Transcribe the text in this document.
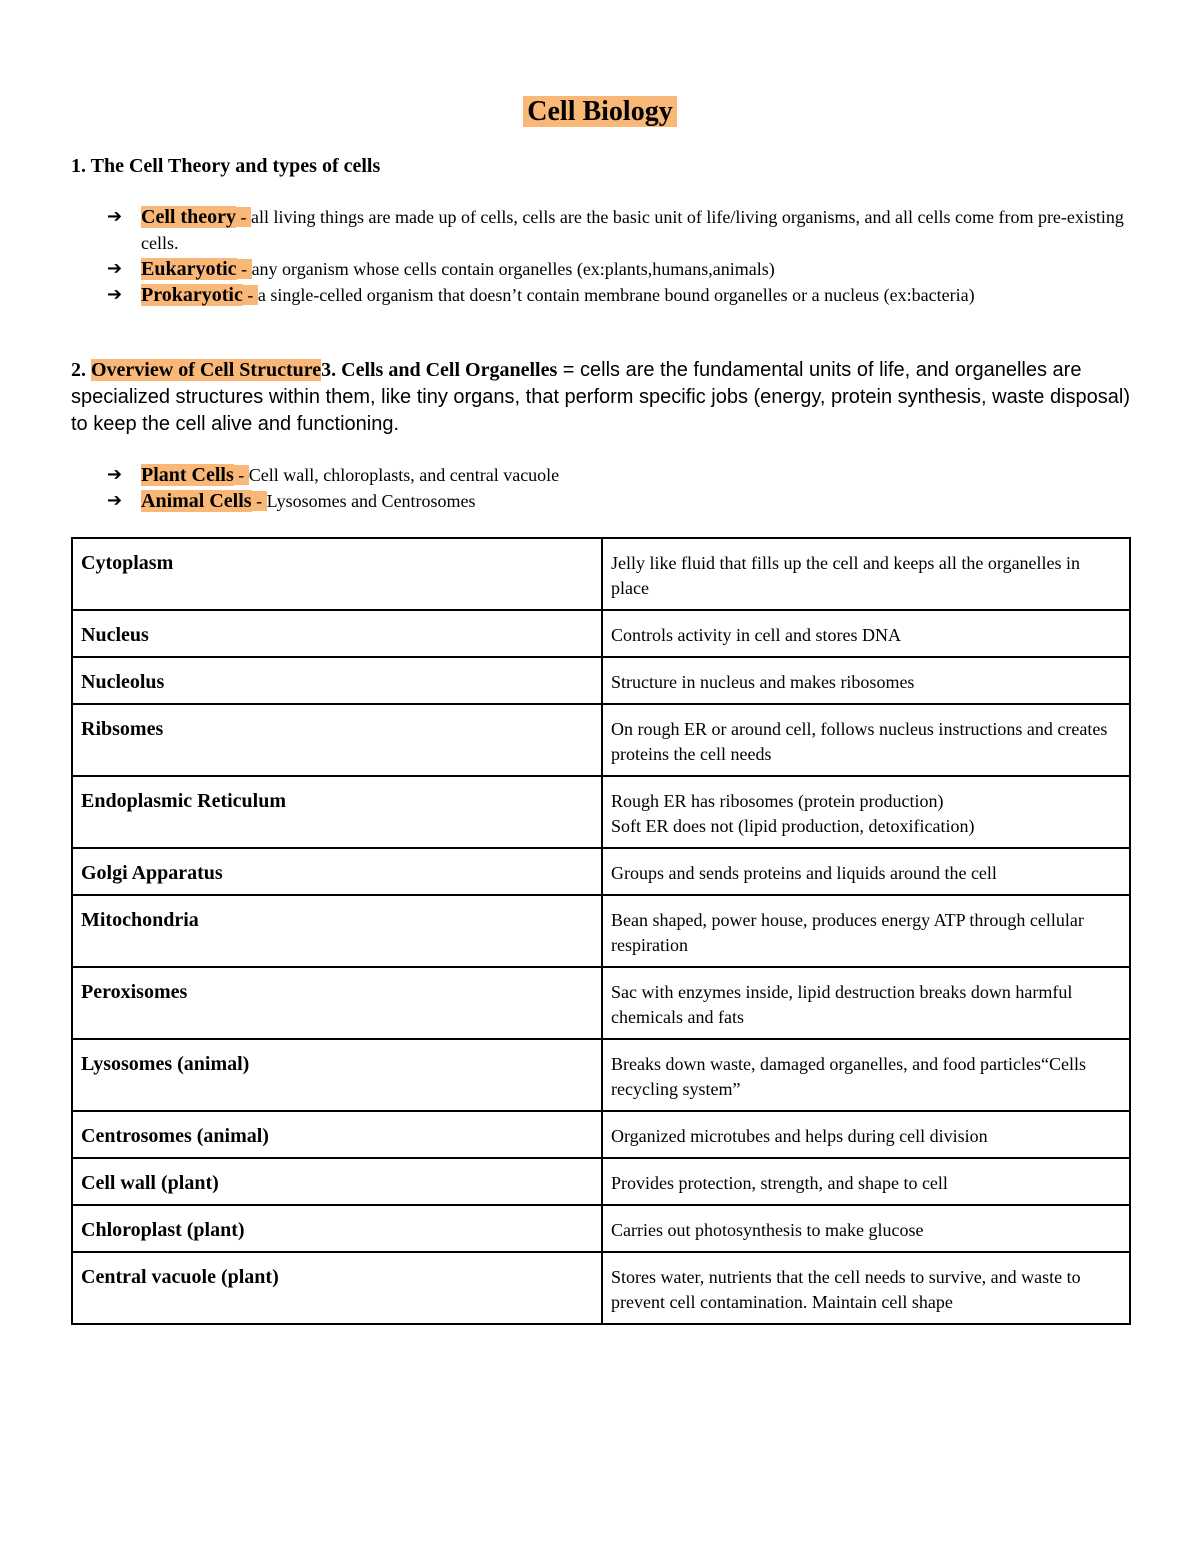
Cell Biology
1. The Cell Theory and types of cells

➔ Cell theory - all living things are made up of cells, cells are the basic unit of life/living organisms, and all cells come from pre-existing cells.

➔ Eukaryotic - any organism whose cells contain organelles (ex:plants,humans,animals)

➔ Prokaryotic - a single-celled organism that doesn’t contain membrane bound organelles or a nucleus (ex:bacteria)

2. Overview of Cell Structure3. Cells and Cell Organelles = cells are the fundamental units of life, and organelles are specialized structures within them, like tiny organs, that perform specific jobs (energy, protein synthesis, waste disposal) to keep the cell alive and functioning.

➔ Plant Cells - Cell wall, chloroplasts, and central vacuole

➔ Animal Cells - Lysosomes and Centrosomes

Cytoplasm	Jelly like fluid that fills up the cell and keeps all the organelles in place

Nucleus	Controls activity in cell and stores DNA

Nucleolus	Structure in nucleus and makes ribosomes

Ribsomes	On rough ER or around cell, follows nucleus instructions and creates proteins the cell needs

Endoplasmic Reticulum	Rough ER has ribosomes (protein production)
Soft ER does not (lipid production, detoxification)

Golgi Apparatus	Groups and sends proteins and liquids around the cell

Mitochondria	Bean shaped, power house, produces energy ATP through cellular respiration

Peroxisomes	Sac with enzymes inside, lipid destruction breaks down harmful chemicals and fats

Lysosomes (animal)	Breaks down waste, damaged organelles, and food particles“Cells recycling system”

Centrosomes (animal)	Organized microtubes and helps during cell division

Cell wall (plant)	Provides protection, strength, and shape to cell

Chloroplast (plant)	Carries out photosynthesis to make glucose

Central vacuole (plant)	Stores water, nutrients that the cell needs to survive, and waste to prevent cell contamination. Maintain cell shape
